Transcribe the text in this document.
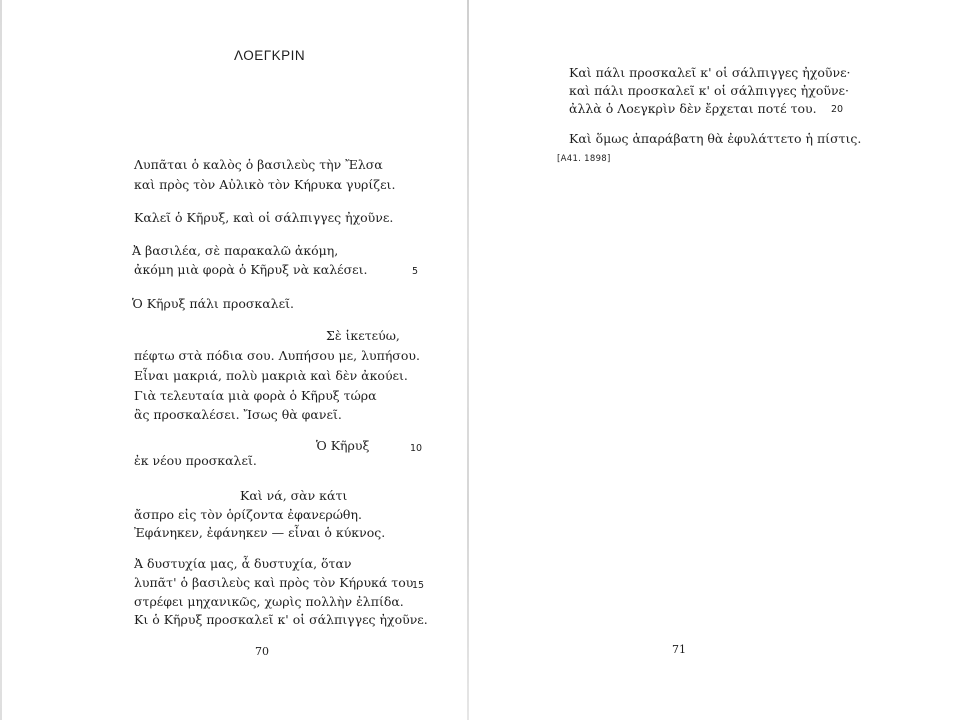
ΛΟΕΓΚΡΙΝ
Λυπᾶται ὁ καλὸς ὁ βασιλεὺς τὴν Ἔλσα
καὶ πρὸς τὸν Αὐλικὸ τὸν Κήρυκα γυρίζει.
Καλεῖ ὁ Κῆρυξ, καὶ οἱ σάλπιγγες ἠχοῦνε.
Ἀ βασιλέα, σὲ παρακαλῶ ἀκόμη,
ἀκόμη μιὰ φορὰ ὁ Κῆρυξ νὰ καλέσει.	5
Ὁ Κῆρυξ πάλι προσκαλεῖ.
Σὲ ἱκετεύω,
πέφτω στὰ πόδια σου. Λυπήσου με, λυπήσου.
Εἶναι μακριά, πολὺ μακριὰ καὶ δὲν ἀκούει.
Γιὰ τελευταία μιὰ φορὰ ὁ Κῆρυξ τώρα
ἂς προσκαλέσει. Ἴσως θὰ φανεῖ.
Ὁ Κῆρυξ	10
ἐκ νέου προσκαλεῖ.
Καὶ νά, σὰν κάτι
ἄσπρο εἰς τὸν ὁρίζοντα ἐφανερώθη.
Ἐφάνηκεν, ἐφάνηκεν — εἶναι ὁ κύκνος.
Ἀ δυστυχία μας, ἆ δυστυχία, ὅταν
λυπᾶτ' ὁ βασιλεὺς καὶ πρὸς τὸν Κήρυκά του
15
στρέφει μηχανικῶς, χωρὶς πολλὴν ἐλπίδα.
Κι ὁ Κῆρυξ προσκαλεῖ κ' οἱ σάλπιγγες ἠχοῦνε.
70
Καὶ πάλι προσκαλεῖ κ' οἱ σάλπιγγες ἠχοῦνε·
καὶ πάλι προσκαλεῖ κ' οἱ σάλπιγγες ἠχοῦνε·
ἀλλὰ ὁ Λοεγκρὶν δὲν ἔρχεται ποτέ του. 20
Καὶ ὅμως ἀπαράβατη θὰ ἐφυλάττετο ἡ πίστις.
[Α41. 1898]
71
